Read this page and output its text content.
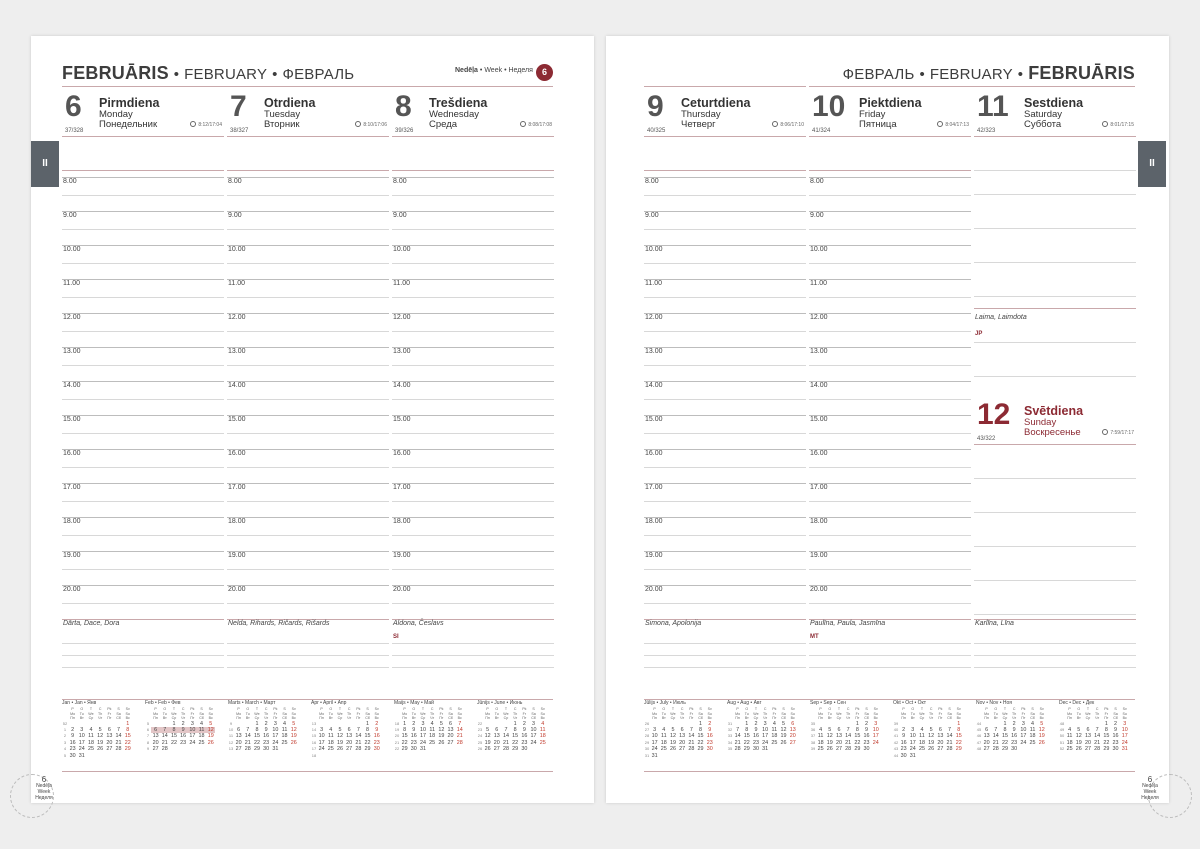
FEBRUĀRIS • FEBRUARY • ФЕВРАЛЬ	Nedēļa • Week • Неделя	6
6 Pirmdiena
Monday
Понедельник
37/328
8:12/17:04
8.00
9.00
10.00
11.00
12.00
13.00
14.00
15.00
16.00
17.00
18.00
19.00
20.00
Dārta, Dace, Dora
7 Otrdiena
Tuesday
Вторник
38/327
8:10/17:06
8.00
9.00
10.00
11.00
12.00
13.00
14.00
15.00
16.00
17.00
18.00
19.00
20.00
Nelda, Rihards, Ričards, Rišards
8 Trešdiena
Wednesday
Среда
39/326
8:08/17:08
8.00
9.00
10.00
11.00
12.00
13.00
14.00
15.00
16.00
17.00
18.00
19.00
20.00
Aldona, Česlavs
SI
Jan • Jan • Янв
	P	O	T	C	Pk	S	Sv
	Mo	Tu	We	Th	Fr	Sa	Su
	Пн	Вт	Ср	Чт	Пт	Сб	Вс
52							1
1	2	3	4	5	6	7	8
2	9	10	11	12	13	14	15
3	16	17	18	19	20	21	22
4	23	24	25	26	27	28	29
5	30	31					
Feb • Feb • Фев
	P	O	T	C	Pk	S	Sv
	Mo	Tu	We	Th	Fr	Sa	Su
	Пн	Вт	Ср	Чт	Пт	Сб	Вс
5			1	2	3	4	5
6	6	7	8	9	10	11	12
7	13	14	15	16	17	18	19
8	20	21	22	23	24	25	26
9	27	28					
Marts • March • Март
	P	O	T	C	Pk	S	Sv
	Mo	Tu	We	Th	Fr	Sa	Su
	Пн	Вт	Ср	Чт	Пт	Сб	Вс
9			1	2	3	4	5
10	6	7	8	9	10	11	12
11	13	14	15	16	17	18	19
12	20	21	22	23	24	25	26
13	27	28	29	30	31		
Apr • April • Апр
	P	O	T	C	Pk	S	Sv
	Mo	Tu	We	Th	Fr	Sa	Su
	Пн	Вт	Ср	Чт	Пт	Сб	Вс
13						1	2
14	3	4	5	6	7	8	9
15	10	11	12	13	14	15	16
16	17	18	19	20	21	22	23
17	24	25	26	27	28	29	30
18							
Maijs • May • Май
	P	O	T	C	Pk	S	Sv
	Mo	Tu	We	Th	Fr	Sa	Su
	Пн	Вт	Ср	Чт	Пт	Сб	Вс
18	1	2	3	4	5	6	7
19	8	9	10	11	12	13	14
20	15	16	17	18	19	20	21
21	22	23	24	25	26	27	28
22	29	30	31				
Jūnijs • June • Июнь
	P	O	T	C	Pk	S	Sv
	Mo	Tu	We	Th	Fr	Sa	Su
	Пн	Вт	Ср	Чт	Пт	Сб	Вс
22				1	2	3	4
23	5	6	7	8	9	10	11
24	12	13	14	15	16	17	18
25	19	20	21	22	23	24	25
26	26	27	28	29	30		
6
Nedēļa
Week
Неделя
II
ФЕВРАЛЬ • FEBRUARY • FEBRUĀRIS
9 Ceturtdiena
Thursday
Четверг
40/325
8:06/17:10
8.00
9.00
10.00
11.00
12.00
13.00
14.00
15.00
16.00
17.00
18.00
19.00
20.00
Simona, Apolonija
10 Piektdiena
Friday
Пятница
41/324
8:04/17:13
8.00
9.00
10.00
11.00
12.00
13.00
14.00
15.00
16.00
17.00
18.00
19.00
20.00
Paulīna, Paula, Jasmīna
MT
11 Sestdiena
Saturday
Суббота
42/323
8:01/17:15
Laima, Laimdota
JP
12 Svētdiena
Sunday
Воскресенье
43/322
7:59/17:17
Karlīna, Līna
Jūlijs • July • Июль
	P	O	T	C	Pk	S	Sv
	Mo	Tu	We	Th	Fr	Sa	Su
	Пн	Вт	Ср	Чт	Пт	Сб	Вс
26						1	2
27	3	4	5	6	7	8	9
28	10	11	12	13	14	15	16
29	17	18	19	20	21	22	23
30	24	25	26	27	28	29	30
31	31						
Aug • Aug • Авг
	P	O	T	C	Pk	S	Sv
	Mo	Tu	We	Th	Fr	Sa	Su
	Пн	Вт	Ср	Чт	Пт	Сб	Вс
31		1	2	3	4	5	6
32	7	8	9	10	11	12	13
33	14	15	16	17	18	19	20
34	21	22	23	24	25	26	27
35	28	29	30	31			
Sep • Sep • Сен
	P	O	T	C	Pk	S	Sv
	Mo	Tu	We	Th	Fr	Sa	Su
	Пн	Вт	Ср	Чт	Пт	Сб	Вс
35					1	2	3
36	4	5	6	7	8	9	10
37	11	12	13	14	15	16	17
38	18	19	20	21	22	23	24
39	25	26	27	28	29	30	
Okt • Oct • Окт
	P	O	T	C	Pk	S	Sv
	Mo	Tu	We	Th	Fr	Sa	Su
	Пн	Вт	Ср	Чт	Пт	Сб	Вс
39							1
40	2	3	4	5	6	7	8
41	9	10	11	12	13	14	15
42	16	17	18	19	20	21	22
43	23	24	25	26	27	28	29
44	30	31					
Nov • Nov • Ноя
	P	O	T	C	Pk	S	Sv
	Mo	Tu	We	Th	Fr	Sa	Su
	Пн	Вт	Ср	Чт	Пт	Сб	Вс
44			1	2	3	4	5
45	6	7	8	9	10	11	12
46	13	14	15	16	17	18	19
47	20	21	22	23	24	25	26
48	27	28	29	30			
Dec • Dec • Дек
	P	O	T	C	Pk	S	Sv
	Mo	Tu	We	Th	Fr	Sa	Su
	Пн	Вт	Ср	Чт	Пт	Сб	Вс
48					1	2	3
49	4	5	6	7	8	9	10
50	11	12	13	14	15	16	17
51	18	19	20	21	22	23	24
52	25	26	27	28	29	30	31
6
Nedēļa
Week
Неделя
II
